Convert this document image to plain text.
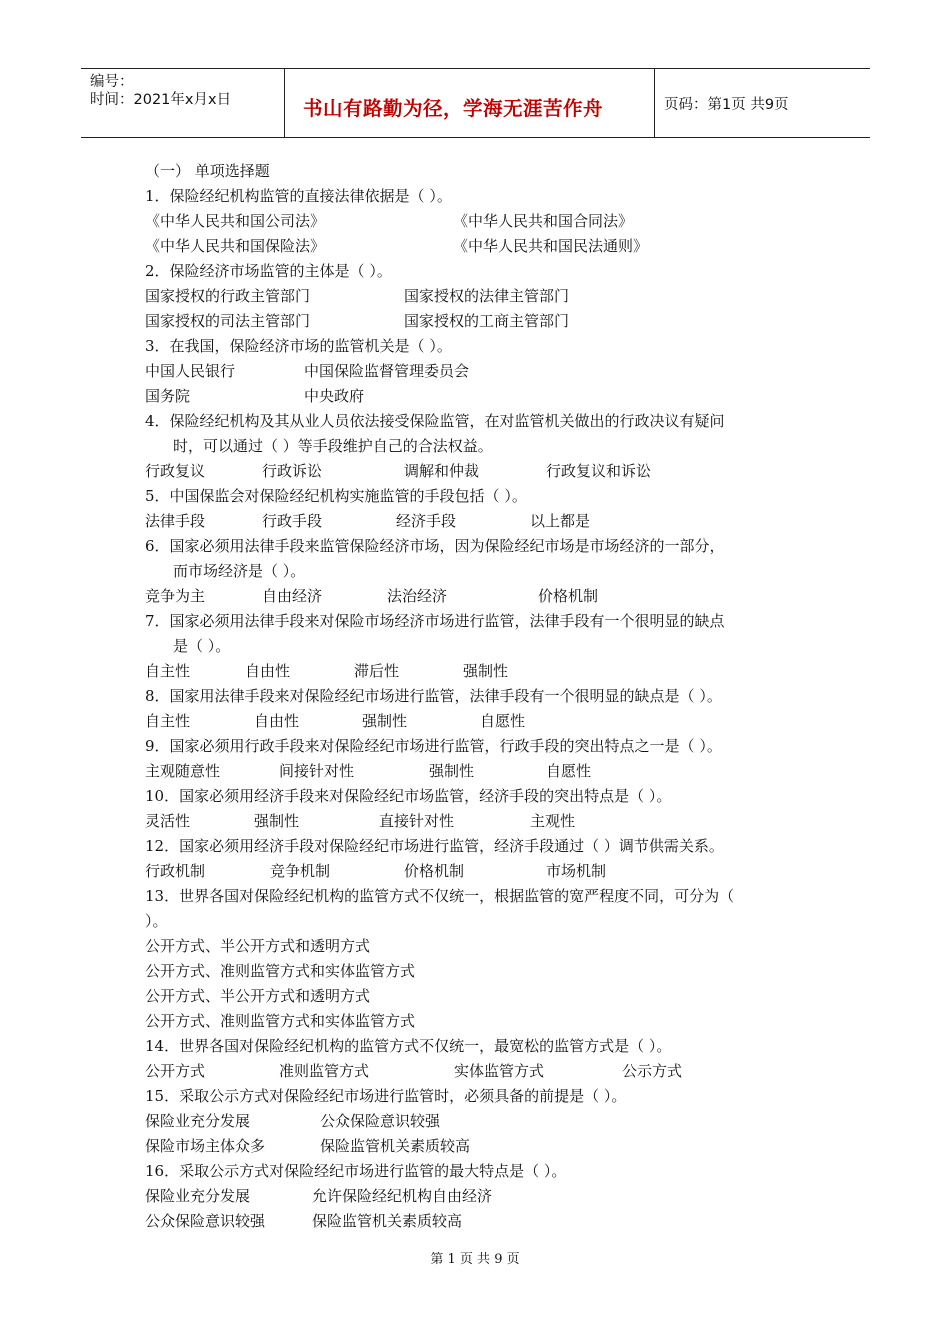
编号：
时间：2021年x月x日	书山有路勤为径，学海无涯苦作舟	页码：第1页 共9页
（一） 单项选择题
1．保险经纪机构监管的直接法律依据是（ ）。
《中华人民共和国公司法》	《中华人民共和国合同法》
《中华人民共和国保险法》	《中华人民共和国民法通则》
2．保险经济市场监管的主体是（ ）。
国家授权的行政主管部门	国家授权的法律主管部门
国家授权的司法主管部门	国家授权的工商主管部门
3．在我国，保险经济市场的监管机关是（ ）。
中国人民银行	中国保险监督管理委员会
国务院	中央政府
4．保险经纪机构及其从业人员依法接受保险监管，在对监管机关做出的行政决议有疑问
时，可以通过（ ）等手段维护自己的合法权益。
行政复议	行政诉讼	调解和仲裁	行政复议和诉讼
5．中国保监会对保险经纪机构实施监管的手段包括（ ）。
法律手段	行政手段	经济手段	以上都是
6．国家必须用法律手段来监管保险经济市场，因为保险经纪市场是市场经济的一部分，
而市场经济是（ ）。
竞争为主	自由经济	法治经济	价格机制
7．国家必须用法律手段来对保险市场经济市场进行监管，法律手段有一个很明显的缺点
是（ ）。
自主性	自由性	滞后性	强制性
8．国家用法律手段来对保险经纪市场进行监管，法律手段有一个很明显的缺点是（ ）。
自主性	自由性	强制性	自愿性
9．国家必须用行政手段来对保险经纪市场进行监管，行政手段的突出特点之一是（ ）。
主观随意性	间接针对性	强制性	自愿性
10．国家必须用经济手段来对保险经纪市场监管，经济手段的突出特点是（ ）。
灵活性	强制性	直接针对性	主观性
12．国家必须用经济手段对保险经纪市场进行监管，经济手段通过（ ）调节供需关系。
行政机制	竞争机制	价格机制	市场机制
13．世界各国对保险经纪机构的监管方式不仅统一，根据监管的宽严程度不同，可分为（
）。
公开方式、半公开方式和透明方式
公开方式、准则监管方式和实体监管方式
公开方式、半公开方式和透明方式
公开方式、准则监管方式和实体监管方式
14．世界各国对保险经纪机构的监管方式不仅统一，最宽松的监管方式是（ ）。
公开方式	准则监管方式	实体监管方式	公示方式
15．采取公示方式对保险经纪市场进行监管时，必须具备的前提是（ ）。
保险业充分发展	公众保险意识较强
保险市场主体众多	保险监管机关素质较高
16．采取公示方式对保险经纪市场进行监管的最大特点是（ ）。
保险业充分发展	允许保险经纪机构自由经济
公众保险意识较强	保险监管机关素质较高
第 1 页 共 9 页
